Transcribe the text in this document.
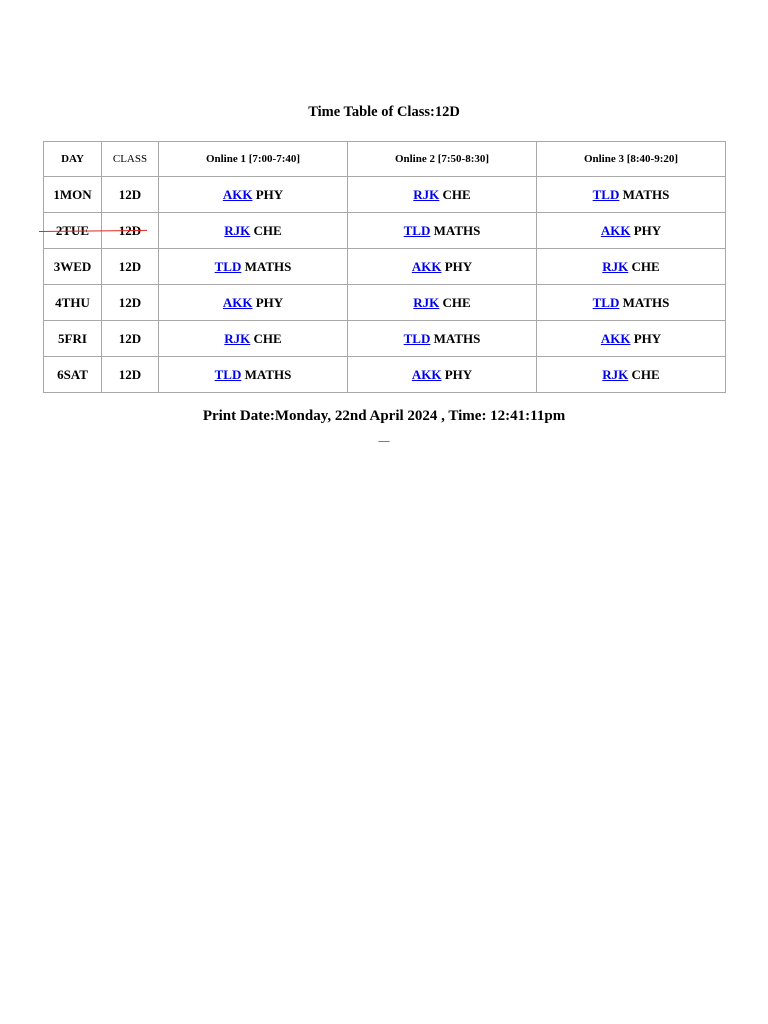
Time Table of Class:12D
DAY	CLASS	Online 1 [7:00-7:40]	Online 2 [7:50-8:30]	Online 3 [8:40-9:20]
1MON	12D	AKK PHY	RJK CHE	TLD MATHS
2TUE	12D	RJK CHE	TLD MATHS	AKK PHY
3WED	12D	TLD MATHS	AKK PHY	RJK CHE
4THU	12D	AKK PHY	RJK CHE	TLD MATHS
5FRI	12D	RJK CHE	TLD MATHS	AKK PHY
6SAT	12D	TLD MATHS	AKK PHY	RJK CHE
Print Date:Monday, 22nd April 2024 , Time: 12:41:11pm
—
